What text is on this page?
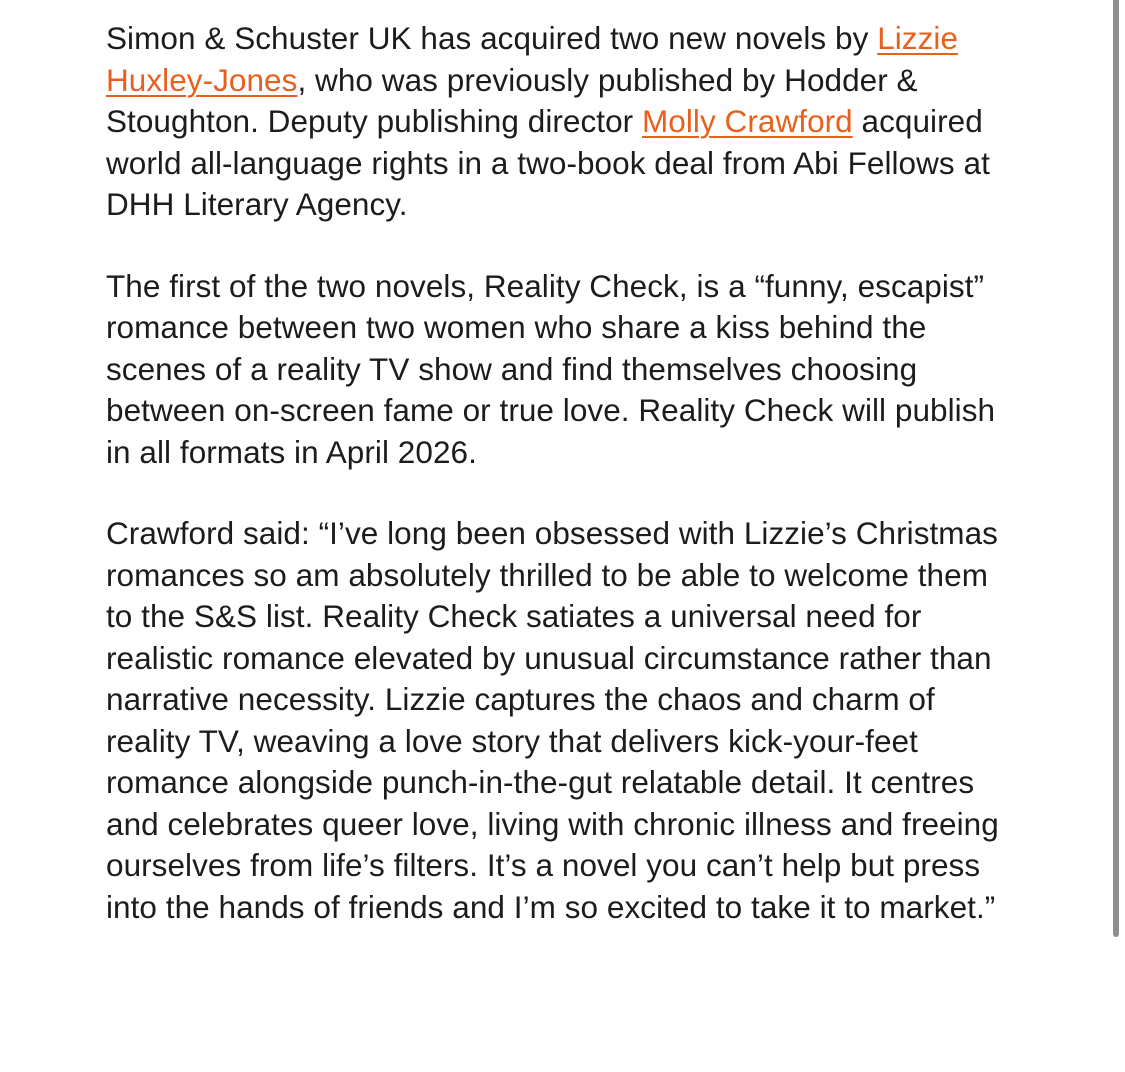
Simon & Schuster UK has acquired two new novels by Lizzie Huxley-Jones, who was previously published by Hodder & Stoughton. Deputy publishing director Molly Crawford acquired world all-language rights in a two-book deal from Abi Fellows at DHH Literary Agency.

The first of the two novels, Reality Check, is a “funny, escapist” romance between two women who share a kiss behind the scenes of a reality TV show and find themselves choosing between on-screen fame or true love. Reality Check will publish in all formats in April 2026.

Crawford said: “I’ve long been obsessed with Lizzie’s Christmas romances so am absolutely thrilled to be able to welcome them to the S&S list. Reality Check satiates a universal need for realistic romance elevated by unusual circumstance rather than narrative necessity. Lizzie captures the chaos and charm of reality TV, weaving a love story that delivers kick-your-feet romance alongside punch-in-the-gut relatable detail. It centres and celebrates queer love, living with chronic illness and freeing ourselves from life’s filters. It’s a novel you can’t help but press into the hands of friends and I’m so excited to take it to market.”
